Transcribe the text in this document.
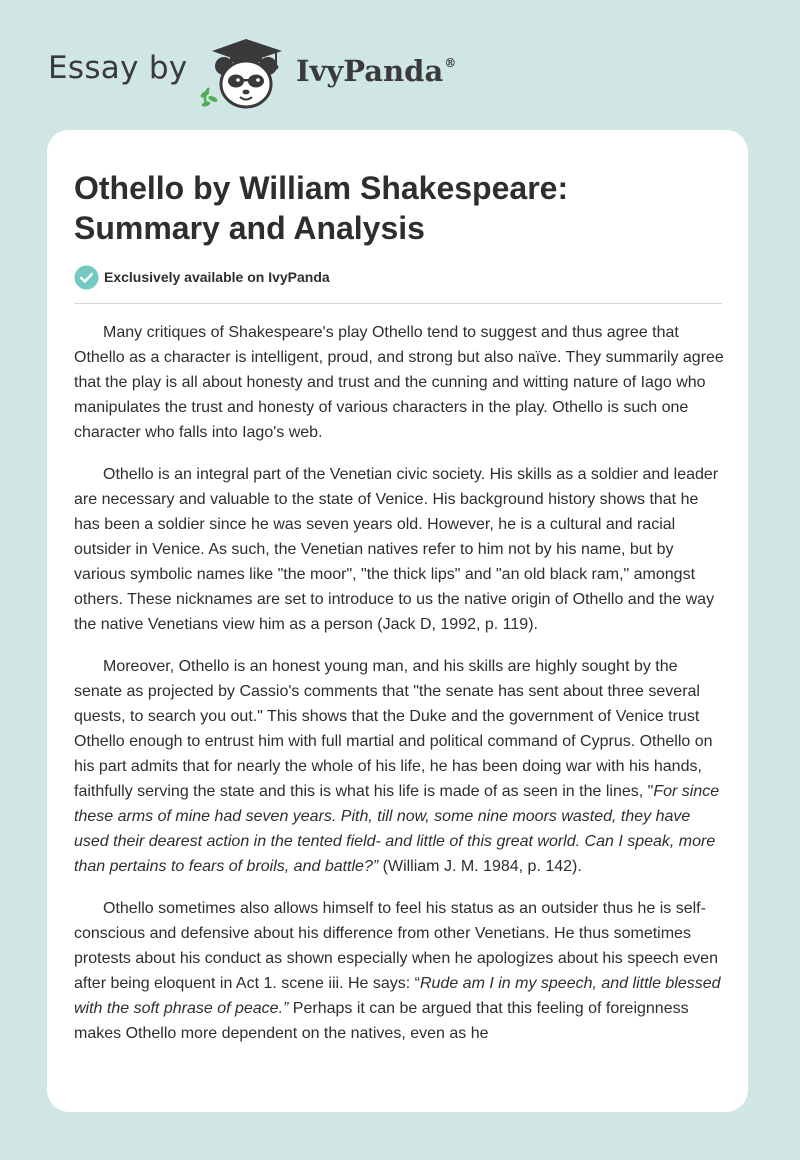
Essay by	IvyPanda®
Othello by William Shakespeare:
Summary and Analysis
Exclusively available on IvyPanda

Many critiques of Shakespeare's play Othello tend to suggest and thus agree that Othello as a character is intelligent, proud, and strong but also naïve. They summarily agree that the play is all about honesty and trust and the cunning and witting nature of Iago who manipulates the trust and honesty of various characters in the play. Othello is such one character who falls into Iago's web.

Othello is an integral part of the Venetian civic society. His skills as a soldier and leader are necessary and valuable to the state of Venice. His background history shows that he has been a soldier since he was seven years old. However, he is a cultural and racial outsider in Venice. As such, the Venetian natives refer to him not by his name, but by various symbolic names like "the moor", "the thick lips" and "an old black ram," amongst others. These nicknames are set to introduce to us the native origin of Othello and the way the native Venetians view him as a person (Jack D, 1992, p. 119).

Moreover, Othello is an honest young man, and his skills are highly sought by the senate as projected by Cassio's comments that "the senate has sent about three several quests, to search you out." This shows that the Duke and the government of Venice trust Othello enough to entrust him with full martial and political command of Cyprus. Othello on his part admits that for nearly the whole of his life, he has been doing war with his hands, faithfully serving the state and this is what his life is made of as seen in the lines, "For since these arms of mine had seven years. Pith, till now, some nine moors wasted, they have used their dearest action in the tented field- and little of this great world. Can I speak, more than pertains to fears of broils, and battle?” (William J. M. 1984, p. 142).

Othello sometimes also allows himself to feel his status as an outsider thus he is self-conscious and defensive about his difference from other Venetians. He thus sometimes protests about his conduct as shown especially when he apologizes about his speech even after being eloquent in Act 1. scene iii. He says: “Rude am I in my speech, and little blessed with the soft phrase of peace.” Perhaps it can be argued that this feeling of foreignness makes Othello more dependent on the natives, even as he
